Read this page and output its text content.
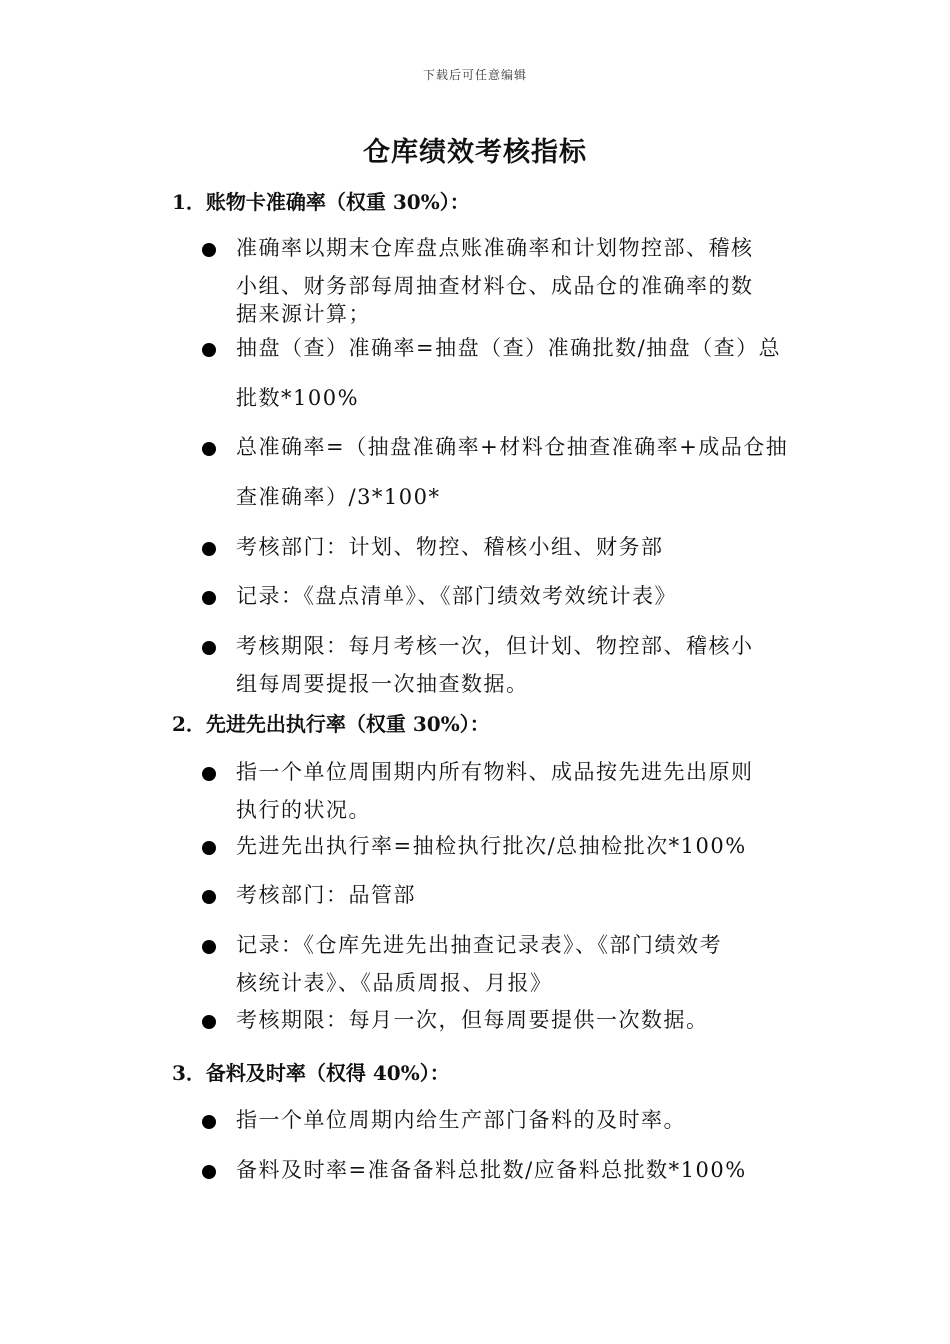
下载后可任意编辑
仓库绩效考核指标
1．账物卡准确率（权重 30%）：
准确率以期末仓库盘点账准确率和计划物控部、稽核
小组、财务部每周抽查材料仓、成品仓的准确率的数
据来源计算；
抽盘（查）准确率=抽盘（查）准确批数/抽盘（查）总
批数*100%
总准确率=（抽盘准确率+材料仓抽查准确率+成品仓抽
查准确率）/3*100*
考核部门：计划、物控、稽核小组、财务部
记录：《盘点清单》、《部门绩效考效统计表》
考核期限：每月考核一次，但计划、物控部、稽核小
组每周要提报一次抽查数据。
2．先进先出执行率（权重 30%）：
指一个单位周围期内所有物料、成品按先进先出原则
执行的状况。
先进先出执行率=抽检执行批次/总抽检批次*100%
考核部门：品管部
记录：《仓库先进先出抽查记录表》、《部门绩效考
核统计表》、《品质周报、月报》
考核期限：每月一次，但每周要提供一次数据。
3．备料及时率（权得 40%）：
指一个单位周期内给生产部门备料的及时率。
备料及时率=准备备料总批数/应备料总批数*100%
